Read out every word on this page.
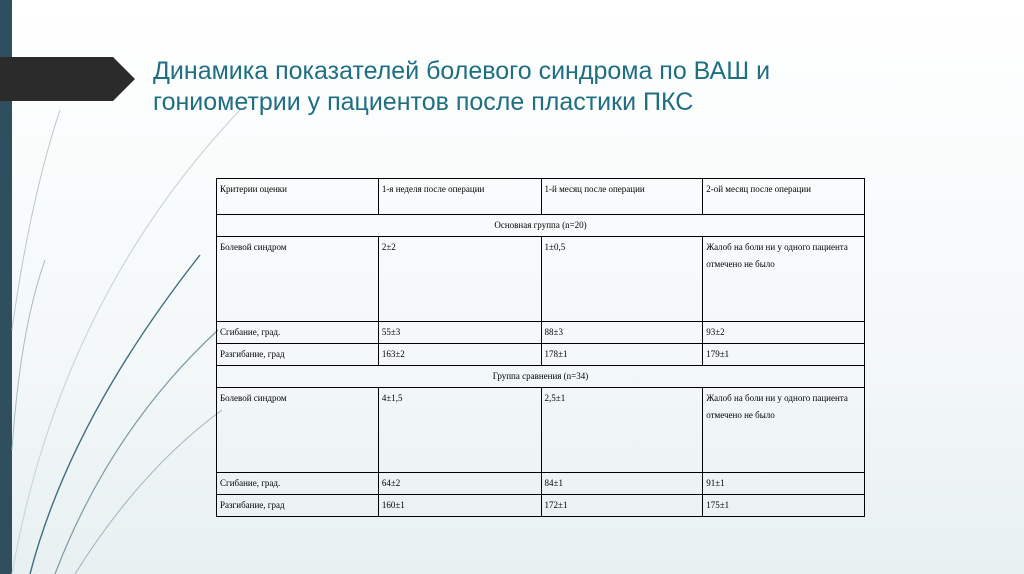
Динамика показателей болевого синдрома по ВАШ и гониометрии у пациентов после пластики ПКС
Критерии оценки	1-я неделя после операции	1-й месяц после операции	2-ой месяц после операции
Основная группа (n=20)			
Болевой синдром	2±2	1±0,5	Жалоб на боли ни у одного пациента отмечено не было
Сгибание, град.	55±3	88±3	93±2
Разгибание, град	163±2	178±1	179±1
Группа сравнения (n=34)			
Болевой синдром	4±1,5	2,5±1	Жалоб на боли ни у одного пациента отмечено не было
Сгибание, град.	64±2	84±1	91±1
Разгибание, град	160±1	172±1	175±1
